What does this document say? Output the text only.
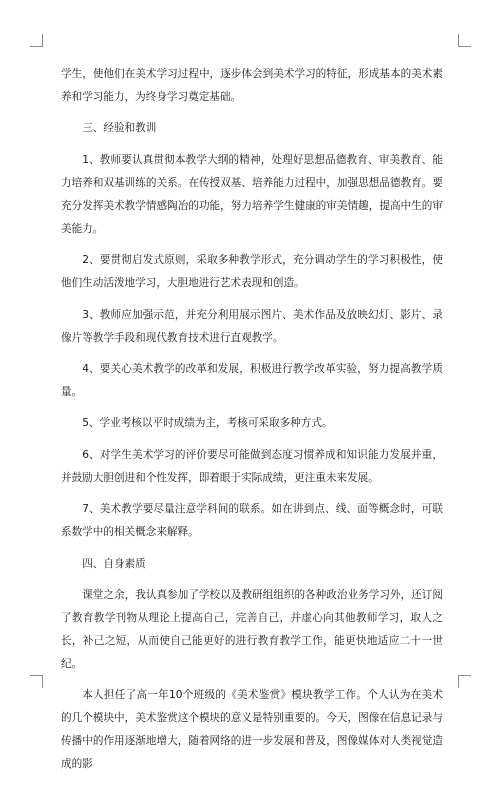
学生，使他们在美术学习过程中，逐步体会到美术学习的特征，形成基本的美术素养和学习能力，为终身学习奠定基础。

三、经验和教训

1、教师要认真贯彻本教学大纲的精神，处理好思想品德教育、审美教育、能力培养和双基训练的关系。在传授双基、培养能力过程中，加强思想品德教育。要充分发挥美术教学情感陶冶的功能，努力培养学生健康的审美情趣，提高中生的审美能力。

2、要贯彻启发式原则，采取多种教学形式，充分调动学生的学习积极性，使他们生动活泼地学习，大胆地进行艺术表现和创造。

3、教师应加强示范，并充分利用展示图片、美术作品及放映幻灯、影片、录像片等教学手段和现代教育技术进行直观教学。

4、要关心美术教学的改革和发展，积极进行教学改革实验，努力提高教学质量。

5、学业考核以平时成绩为主，考核可采取多种方式。

6、对学生美术学习的评价要尽可能做到态度习惯养成和知识能力发展并重，并鼓励大胆创进和个性发挥，即着眼于实际成绩，更注重未来发展。

7、美术教学要尽量注意学科间的联系。如在讲到点、线、面等概念时，可联系数学中的相关概念来解释。

四、自身素质

课堂之余，我认真参加了学校以及教研组组织的各种政治业务学习外，还订阅了教育教学刊物从理论上提高自己，完善自己，并虚心向其他教师学习，取人之长，补己之短，从而使自己能更好的进行教育教学工作，能更快地适应二十一世纪。

本人担任了高一年10个班级的《美术鉴赏》模块教学工作。个人认为在美术的几个模块中，美术鉴赏这个模块的意义是特别重要的。今天，图像在信息记录与传播中的作用逐渐地增大，随着网络的进一步发展和普及，图像媒体对人类视觉造成的影
